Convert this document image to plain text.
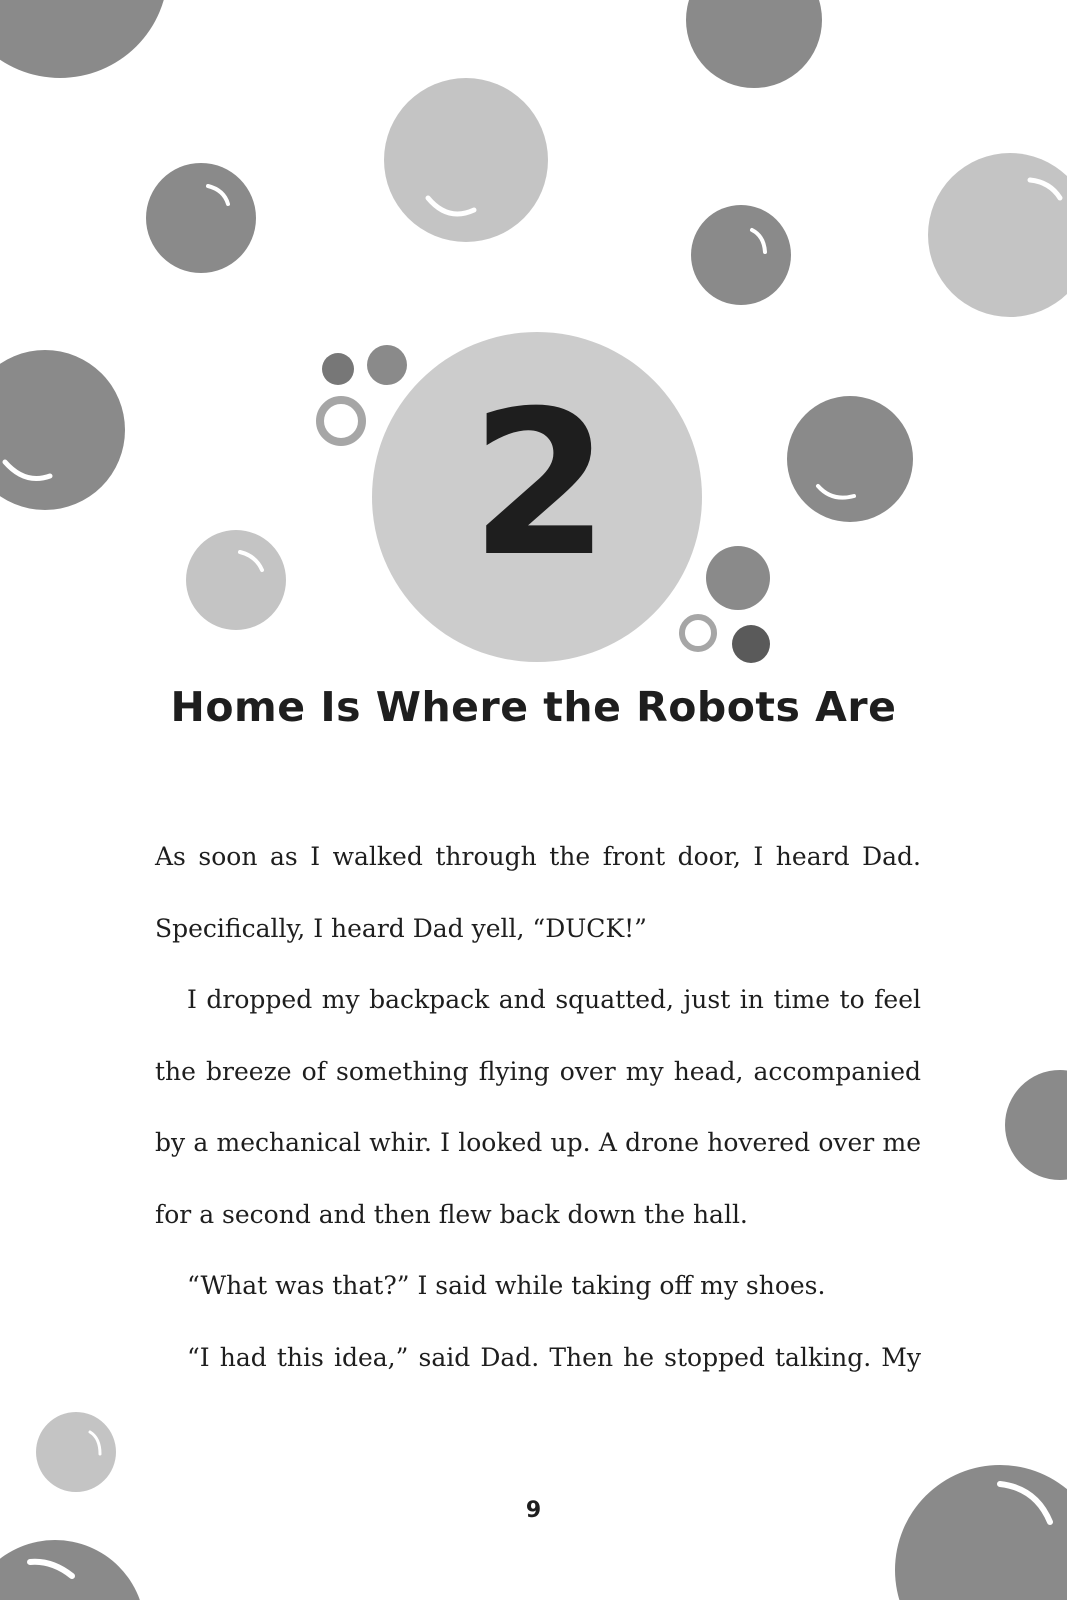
2
Home Is Where the Robots Are
As soon as I walked through the front door, I heard Dad.
Specifically, I heard Dad yell, “DUCK!”
I dropped my backpack and squatted, just in time to feel
the breeze of something flying over my head, accompanied
by a mechanical whir. I looked up. A drone hovered over me
for a second and then flew back down the hall.
“What was that?” I said while taking off my shoes.
“I had this idea,” said Dad. Then he stopped talking. My
9
